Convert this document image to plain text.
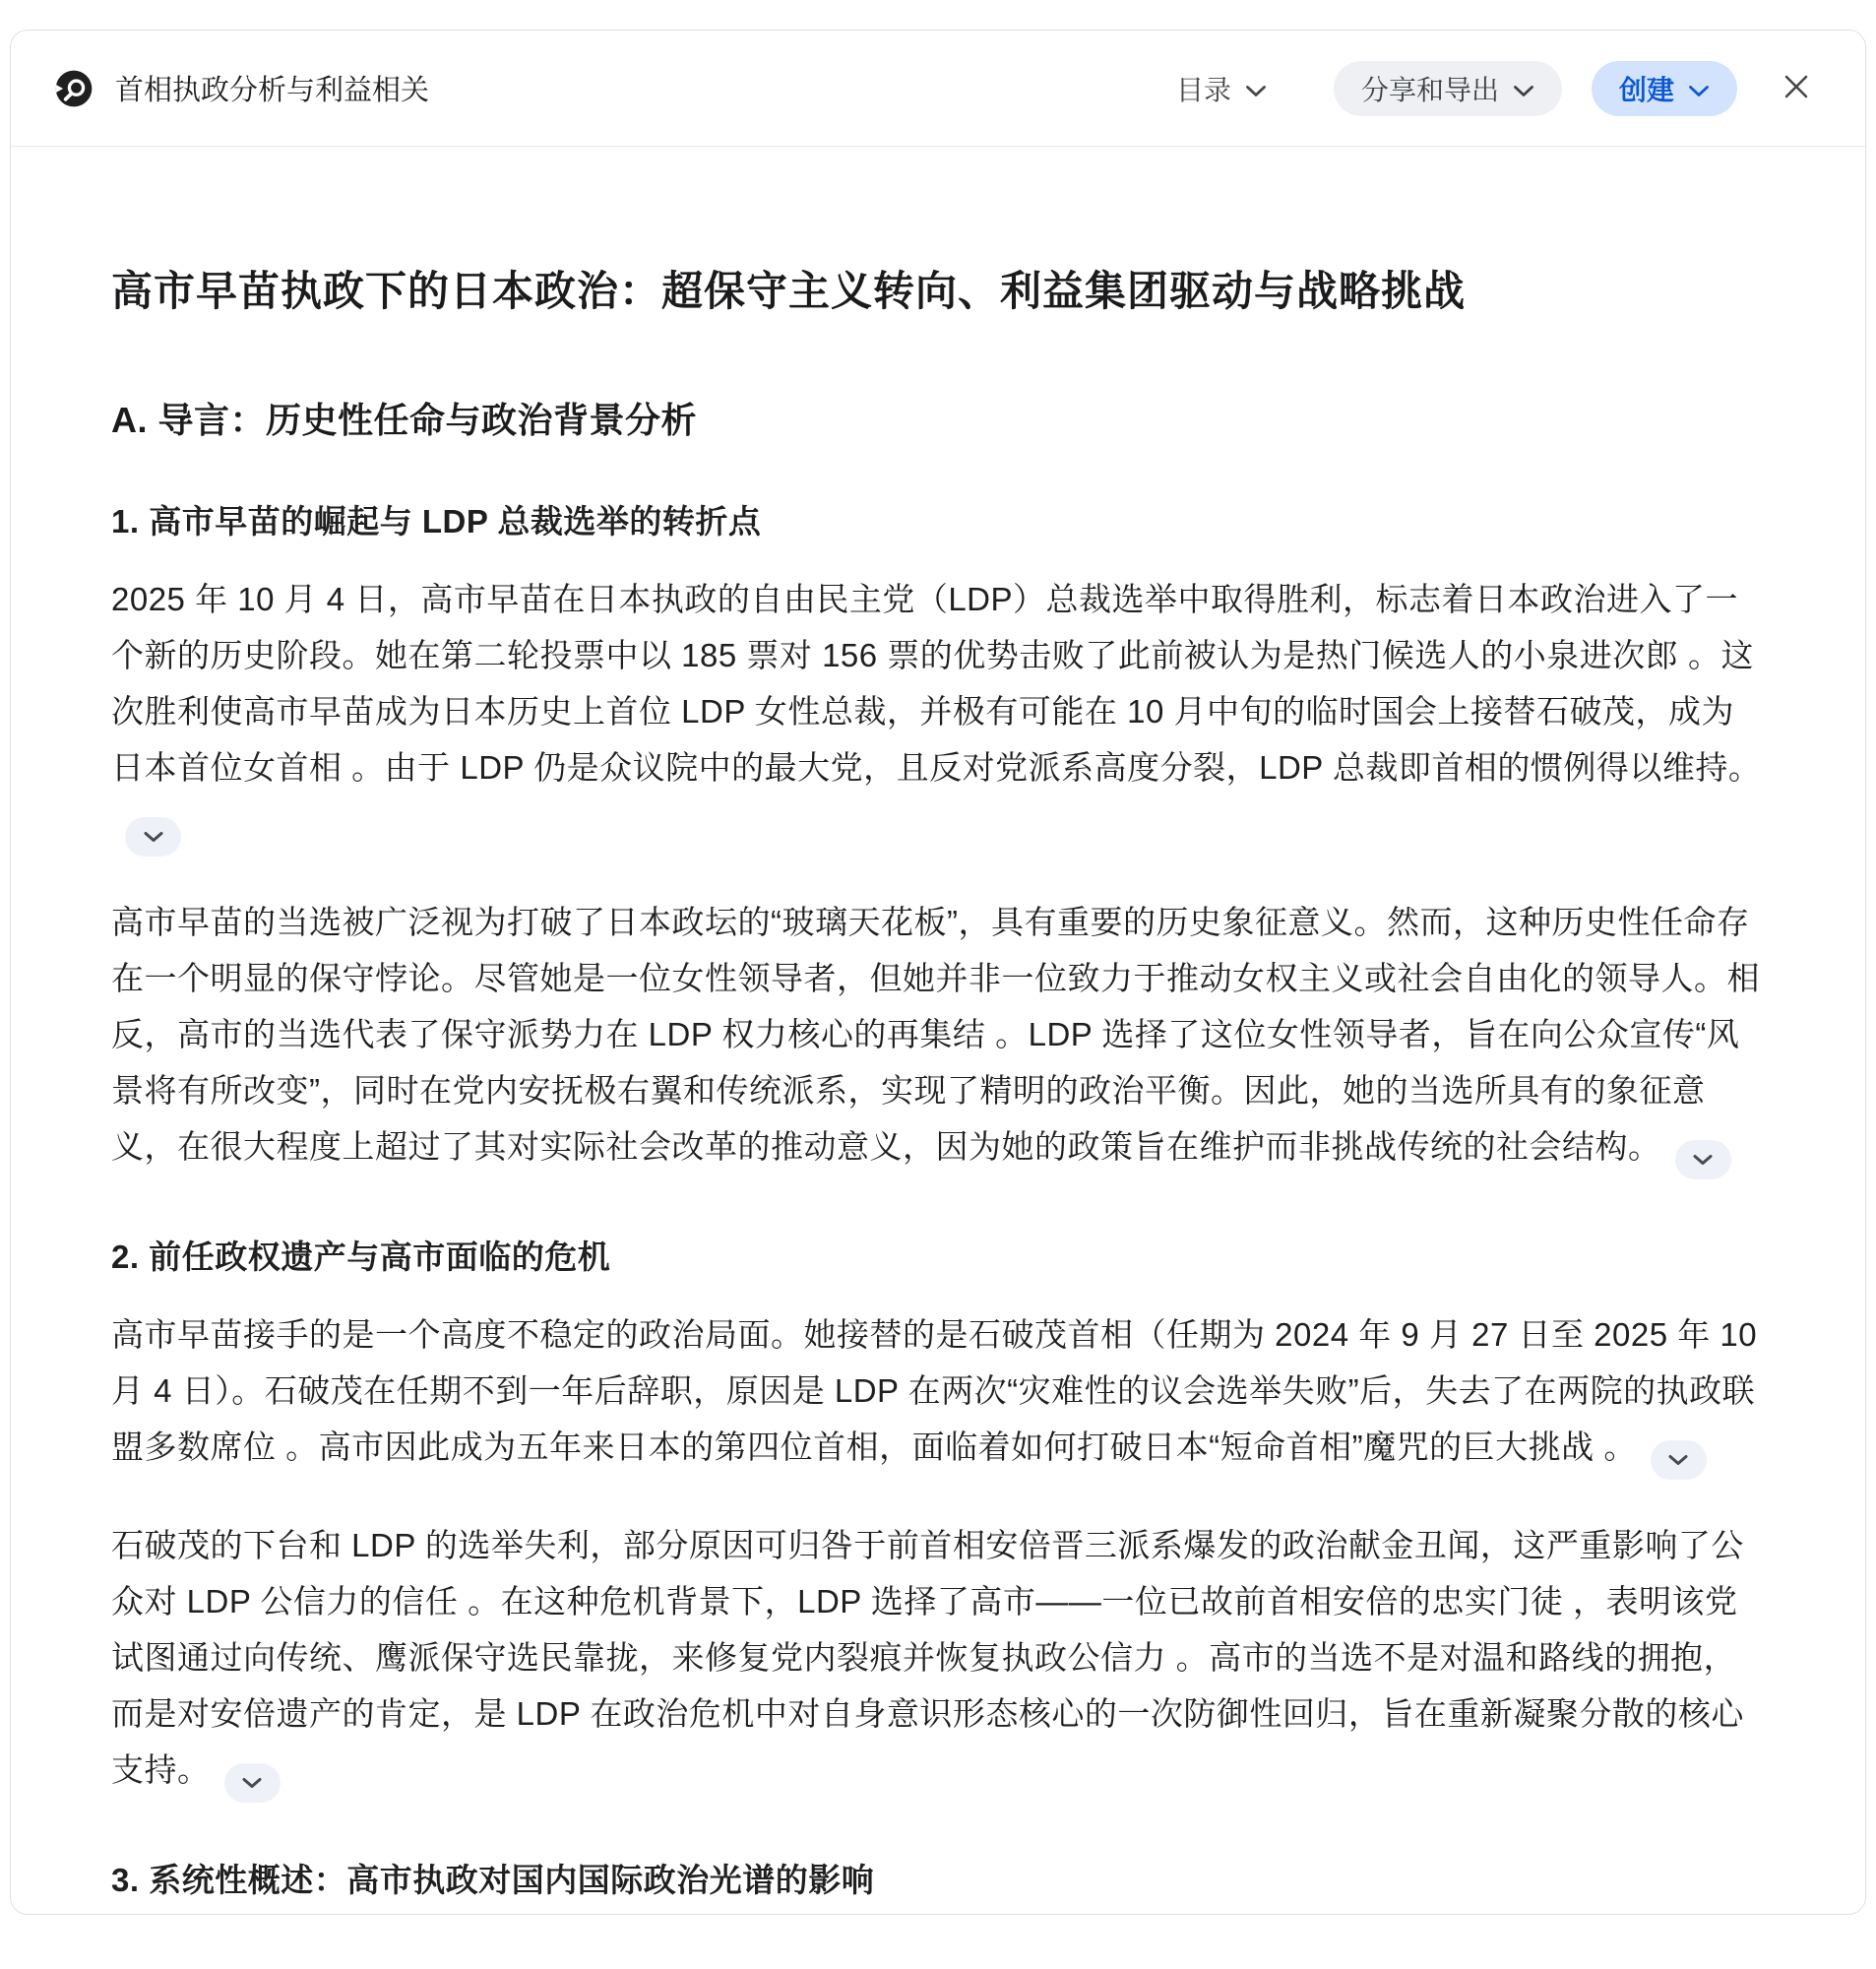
首相执政分析与利益相关	目录	分享和导出	创建
高市早苗执政下的日本政治：超保守主义转向、利益集团驱动与战略挑战
A. 导言：历史性任命与政治背景分析
1. 高市早苗的崛起与 LDP 总裁选举的转折点

2025 年 10 月 4 日，高市早苗在日本执政的自由民主党（LDP）总裁选举中取得胜利，标志着日本政治进入了一个新的历史阶段。她在第二轮投票中以 185 票对 156 票的优势击败了此前被认为是热门候选人的小泉进次郎 。这次胜利使高市早苗成为日本历史上首位 LDP 女性总裁，并极有可能在 10 月中旬的临时国会上接替石破茂，成为日本首位女首相 。由于 LDP 仍是众议院中的最大党，且反对党派系高度分裂，LDP 总裁即首相的惯例得以维持。

高市早苗的当选被广泛视为打破了日本政坛的“玻璃天花板”，具有重要的历史象征意义。然而，这种历史性任命存在一个明显的保守悖论。尽管她是一位女性领导者，但她并非一位致力于推动女权主义或社会自由化的领导人。相反，高市的当选代表了保守派势力在 LDP 权力核心的再集结 。LDP 选择了这位女性领导者，旨在向公众宣传“风景将有所改变”，同时在党内安抚极右翼和传统派系，实现了精明的政治平衡。因此，她的当选所具有的象征意义，在很大程度上超过了其对实际社会改革的推动意义，因为她的政策旨在维护而非挑战传统的社会结构。

2. 前任政权遗产与高市面临的危机

高市早苗接手的是一个高度不稳定的政治局面。她接替的是石破茂首相（任期为 2024 年 9 月 27 日至 2025 年 10 月 4 日）。石破茂在任期不到一年后辞职，原因是 LDP 在两次“灾难性的议会选举失败”后，失去了在两院的执政联盟多数席位 。高市因此成为五年来日本的第四位首相，面临着如何打破日本“短命首相”魔咒的巨大挑战 。

石破茂的下台和 LDP 的选举失利，部分原因可归咎于前首相安倍晋三派系爆发的政治献金丑闻，这严重影响了公众对 LDP 公信力的信任 。在这种危机背景下，LDP 选择了高市——一位已故前首相安倍的忠实门徒 ，表明该党试图通过向传统、鹰派保守选民靠拢，来修复党内裂痕并恢复执政公信力 。高市的当选不是对温和路线的拥抱，而是对安倍遗产的肯定，是 LDP 在政治危机中对自身意识形态核心的一次防御性回归，旨在重新凝聚分散的核心支持。

3. 系统性概述：高市执政对国内国际政治光谱的影响
